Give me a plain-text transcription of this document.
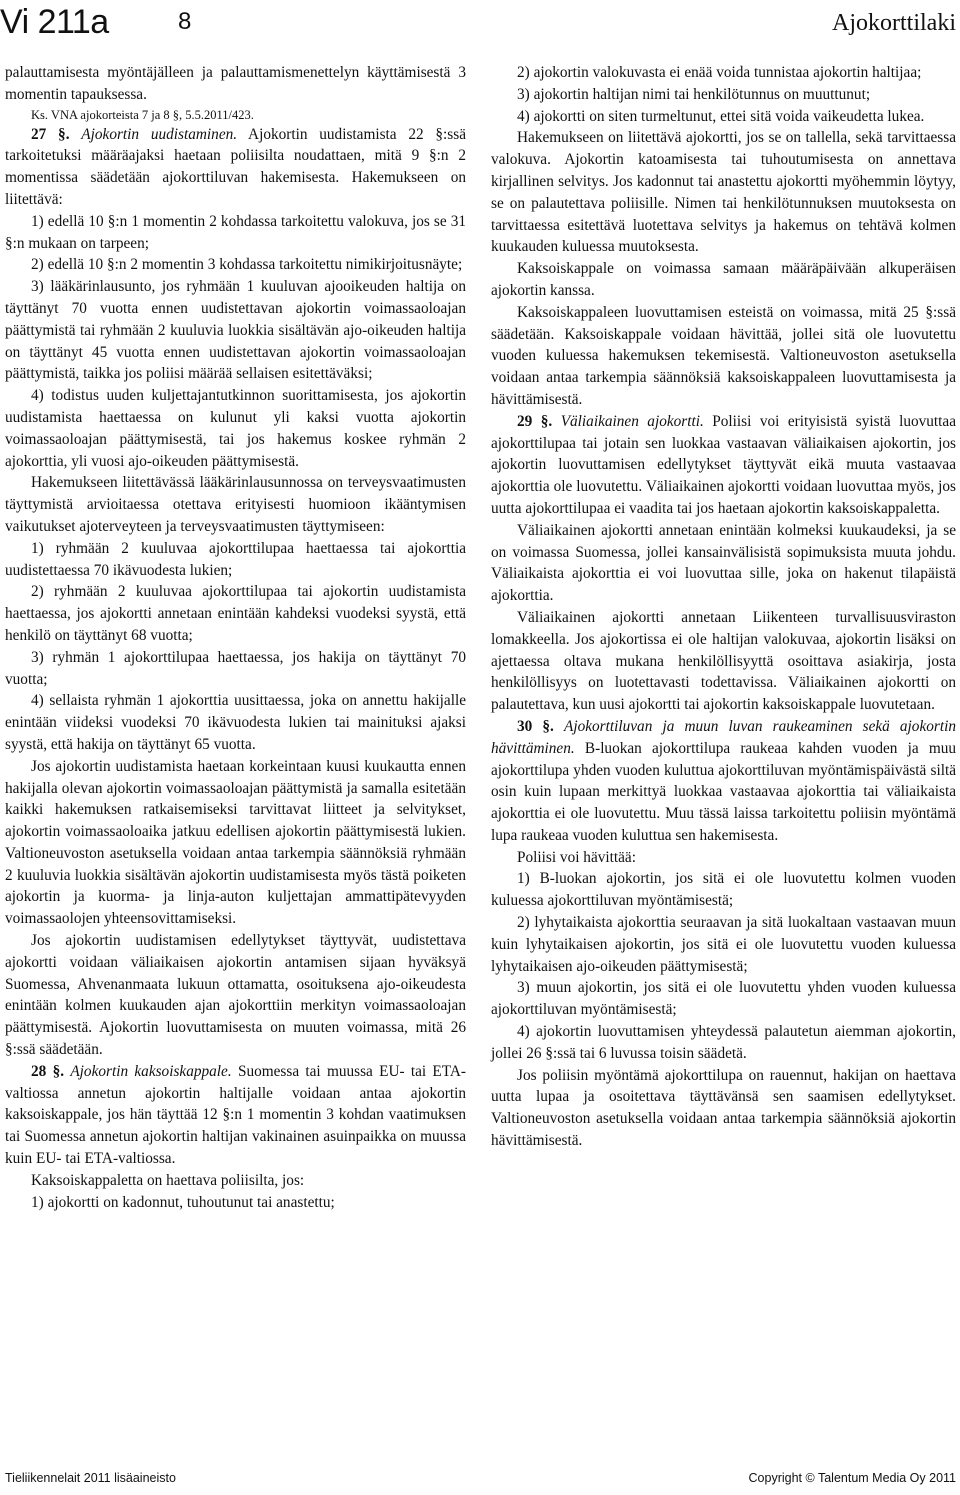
Vi 211a	8	Ajokorttilaki

palauttamisesta myöntäjälleen ja palauttamismenettelyn käyttämisestä 3 momentin tapauksessa.

Ks. VNA ajokorteista 7 ja 8 §, 5.5.2011/423.

27 §. Ajokortin uudistaminen. Ajokortin uudistamista 22 §:ssä tarkoitetuksi määräajaksi haetaan poliisilta noudattaen, mitä 9 §:n 2 momentissa säädetään ajokorttiluvan hakemisesta. Hakemukseen on liitettävä:

1) edellä 10 §:n 1 momentin 2 kohdassa tarkoitettu valokuva, jos se 31 §:n mukaan on tarpeen;

2) edellä 10 §:n 2 momentin 3 kohdassa tarkoitettu nimikirjoitusnäyte;

3) lääkärinlausunto, jos ryhmään 1 kuuluvan ajooikeuden haltija on täyttänyt 70 vuotta ennen uudistettavan ajokortin voimassaoloajan päättymistä tai ryhmään 2 kuuluvia luokkia sisältävän ajo-oikeuden haltija on täyttänyt 45 vuotta ennen uudistettavan ajokortin voimassaoloajan päättymistä, taikka jos poliisi määrää sellaisen esitettäväksi;

4) todistus uuden kuljettajantutkinnon suorittamisesta, jos ajokortin uudistamista haettaessa on kulunut yli kaksi vuotta ajokortin voimassaoloajan päättymisestä, tai jos hakemus koskee ryhmän 2 ajokorttia, yli vuosi ajo-oikeuden päättymisestä.

Hakemukseen liitettävässä lääkärinlausunnossa on terveysvaatimusten täyttymistä arvioitaessa otettava erityisesti huomioon ikääntymisen vaikutukset ajoterveyteen ja terveysvaatimusten täyttymiseen:

1) ryhmään 2 kuuluvaa ajokorttilupaa haettaessa tai ajokorttia uudistettaessa 70 ikävuodesta lukien;

2) ryhmään 2 kuuluvaa ajokorttilupaa tai ajokortin uudistamista haettaessa, jos ajokortti annetaan enintään kahdeksi vuodeksi syystä, että henkilö on täyttänyt 68 vuotta;

3) ryhmän 1 ajokorttilupaa haettaessa, jos hakija on täyttänyt 70 vuotta;

4) sellaista ryhmän 1 ajokorttia uusittaessa, joka on annettu hakijalle enintään viideksi vuodeksi 70 ikävuodesta lukien tai mainituksi ajaksi syystä, että hakija on täyttänyt 65 vuotta.

Jos ajokortin uudistamista haetaan korkeintaan kuusi kuukautta ennen hakijalla olevan ajokortin voimassaoloajan päättymistä ja samalla esitetään kaikki hakemuksen ratkaisemiseksi tarvittavat liitteet ja selvitykset, ajokortin voimassaoloaika jatkuu edellisen ajokortin päättymisestä lukien. Valtioneuvoston asetuksella voidaan antaa tarkempia säännöksiä ryhmään 2 kuuluvia luokkia sisältävän ajokortin uudistamisesta myös tästä poiketen ajokortin ja kuorma- ja linja-auton kuljettajan ammattipätevyyden voimassaolojen yhteensovittamiseksi.

Jos ajokortin uudistamisen edellytykset täyttyvät, uudistettava ajokortti voidaan väliaikaisen ajokortin antamisen sijaan hyväksyä Suomessa, Ahvenanmaata lukuun ottamatta, osoituksena ajo-oikeudesta enintään kolmen kuukauden ajan ajokorttiin merkityn voimassaoloajan päättymisestä. Ajokortin luovuttamisesta on muuten voimassa, mitä 26 §:ssä säädetään.

28 §. Ajokortin kaksoiskappale. Suomessa tai muussa EU- tai ETA-valtiossa annetun ajokortin haltijalle voidaan antaa ajokortin kaksoiskappale, jos hän täyttää 12 §:n 1 momentin 3 kohdan vaatimuksen tai Suomessa annetun ajokortin haltijan vakinainen asuinpaikka on muussa kuin EU- tai ETA-valtiossa.

Kaksoiskappaletta on haettava poliisilta, jos:

1) ajokortti on kadonnut, tuhoutunut tai anastettu;

2) ajokortin valokuvasta ei enää voida tunnistaa ajokortin haltijaa;

3) ajokortin haltijan nimi tai henkilötunnus on muuttunut;

4) ajokortti on siten turmeltunut, ettei sitä voida vaikeudetta lukea.

Hakemukseen on liitettävä ajokortti, jos se on tallella, sekä tarvittaessa valokuva. Ajokortin katoamisesta tai tuhoutumisesta on annettava kirjallinen selvitys. Jos kadonnut tai anastettu ajokortti myöhemmin löytyy, se on palautettava poliisille. Nimen tai henkilötunnuksen muutoksesta on tarvittaessa esitettävä luotettava selvitys ja hakemus on tehtävä kolmen kuukauden kuluessa muutoksesta.

Kaksoiskappale on voimassa samaan määräpäivään alkuperäisen ajokortin kanssa.

Kaksoiskappaleen luovuttamisen esteistä on voimassa, mitä 25 §:ssä säädetään. Kaksoiskappale voidaan hävittää, jollei sitä ole luovutettu vuoden kuluessa hakemuksen tekemisestä. Valtioneuvoston asetuksella voidaan antaa tarkempia säännöksiä kaksoiskappaleen luovuttamisesta ja hävittämisestä.

29 §. Väliaikainen ajokortti. Poliisi voi erityisistä syistä luovuttaa ajokorttilupaa tai jotain sen luokkaa vastaavan väliaikaisen ajokortin, jos ajokortin luovuttamisen edellytykset täyttyvät eikä muuta vastaavaa ajokorttia ole luovutettu. Väliaikainen ajokortti voidaan luovuttaa myös, jos uutta ajokorttilupaa ei vaadita tai jos haetaan ajokortin kaksoiskappaletta.

Väliaikainen ajokortti annetaan enintään kolmeksi kuukaudeksi, ja se on voimassa Suomessa, jollei kansainvälisistä sopimuksista muuta johdu. Väliaikaista ajokorttia ei voi luovuttaa sille, joka on hakenut tilapäistä ajokorttia.

Väliaikainen ajokortti annetaan Liikenteen turvallisuusviraston lomakkeella. Jos ajokortissa ei ole haltijan valokuvaa, ajokortin lisäksi on ajettaessa oltava mukana henkilöllisyyttä osoittava asiakirja, josta henkilöllisyys on luotettavasti todettavissa. Väliaikainen ajokortti on palautettava, kun uusi ajokortti tai ajokortin kaksoiskappale luovutetaan.

30 §. Ajokorttiluvan ja muun luvan raukeaminen sekä ajokortin hävittäminen. B-luokan ajokorttilupa raukeaa kahden vuoden ja muu ajokorttilupa yhden vuoden kuluttua ajokorttiluvan myöntämispäivästä siltä osin kuin lupaan merkittyä luokkaa vastaavaa ajokorttia tai väliaikaista ajokorttia ei ole luovutettu. Muu tässä laissa tarkoitettu poliisin myöntämä lupa raukeaa vuoden kuluttua sen hakemisesta.

Poliisi voi hävittää:

1) B-luokan ajokortin, jos sitä ei ole luovutettu kolmen vuoden kuluessa ajokorttiluvan myöntämisestä;

2) lyhytaikaista ajokorttia seuraavan ja sitä luokaltaan vastaavan muun kuin lyhytaikaisen ajokortin, jos sitä ei ole luovutettu vuoden kuluessa lyhytaikaisen ajo-oikeuden päättymisestä;

3) muun ajokortin, jos sitä ei ole luovutettu yhden vuoden kuluessa ajokorttiluvan myöntämisestä;

4) ajokortin luovuttamisen yhteydessä palautetun aiemman ajokortin, jollei 26 §:ssä tai 6 luvussa toisin säädetä.

Jos poliisin myöntämä ajokorttilupa on rauennut, hakijan on haettava uutta lupaa ja osoitettava täyttävänsä sen saamisen edellytykset. Valtioneuvoston asetuksella voidaan antaa tarkempia säännöksiä ajokortin hävittämisestä.

Tieliikennelait 2011 lisäaineisto	Copyright © Talentum Media Oy 2011
